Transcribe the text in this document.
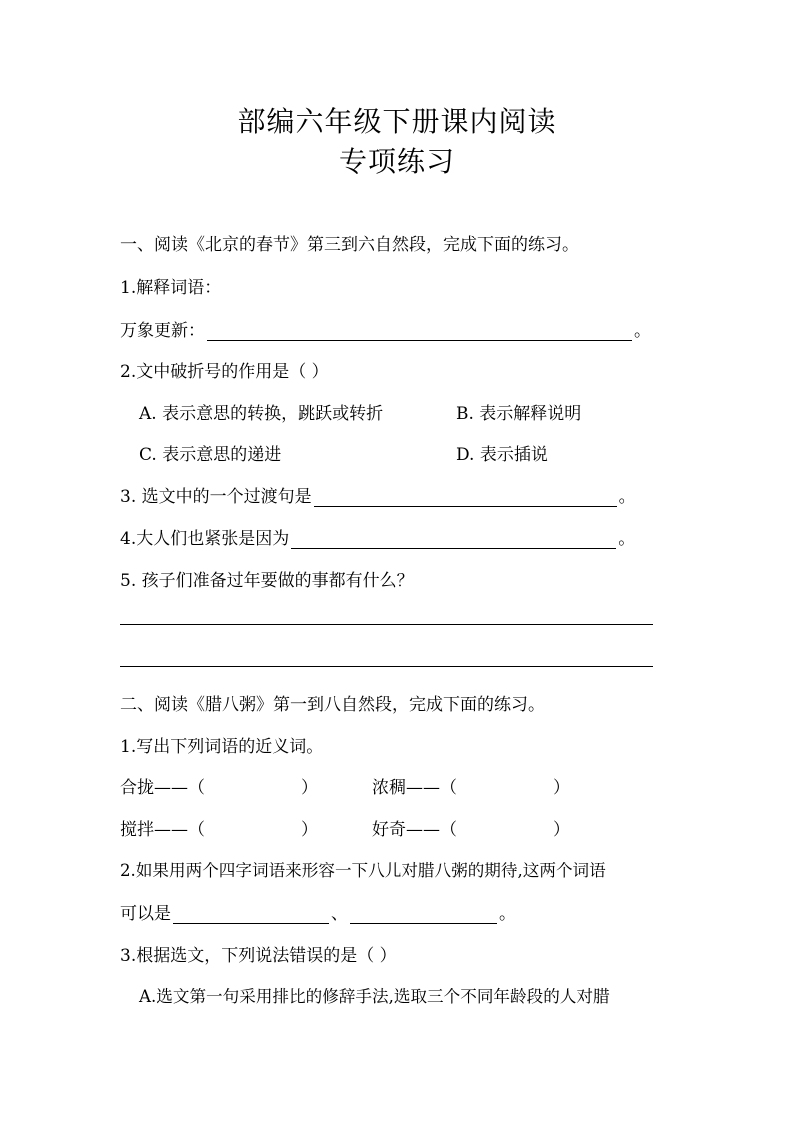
部编六年级下册课内阅读
专项练习
一、阅读《北京的春节》第三到六自然段，完成下面的练习。
1.解释词语：
万象更新：	。
2.文中破折号的作用是（ ）
A. 表示意思的转换，跳跃或转折	B. 表示解释说明
C. 表示意思的递进	D. 表示插说
3. 选文中的一个过渡句是	。
4.大人们也紧张是因为	。
5. 孩子们准备过年要做的事都有什么？
二、阅读《腊八粥》第一到八自然段，完成下面的练习。
1.写出下列词语的近义词。
合拢——（	）	浓稠——（	）
搅拌——（	）	好奇——（	）
2.如果用两个四字词语来形容一下八儿对腊八粥的期待,这两个词语
可以是	、	。
3.根据选文，下列说法错误的是（ ）
A.选文第一句采用排比的修辞手法,选取三个不同年龄段的人对腊
